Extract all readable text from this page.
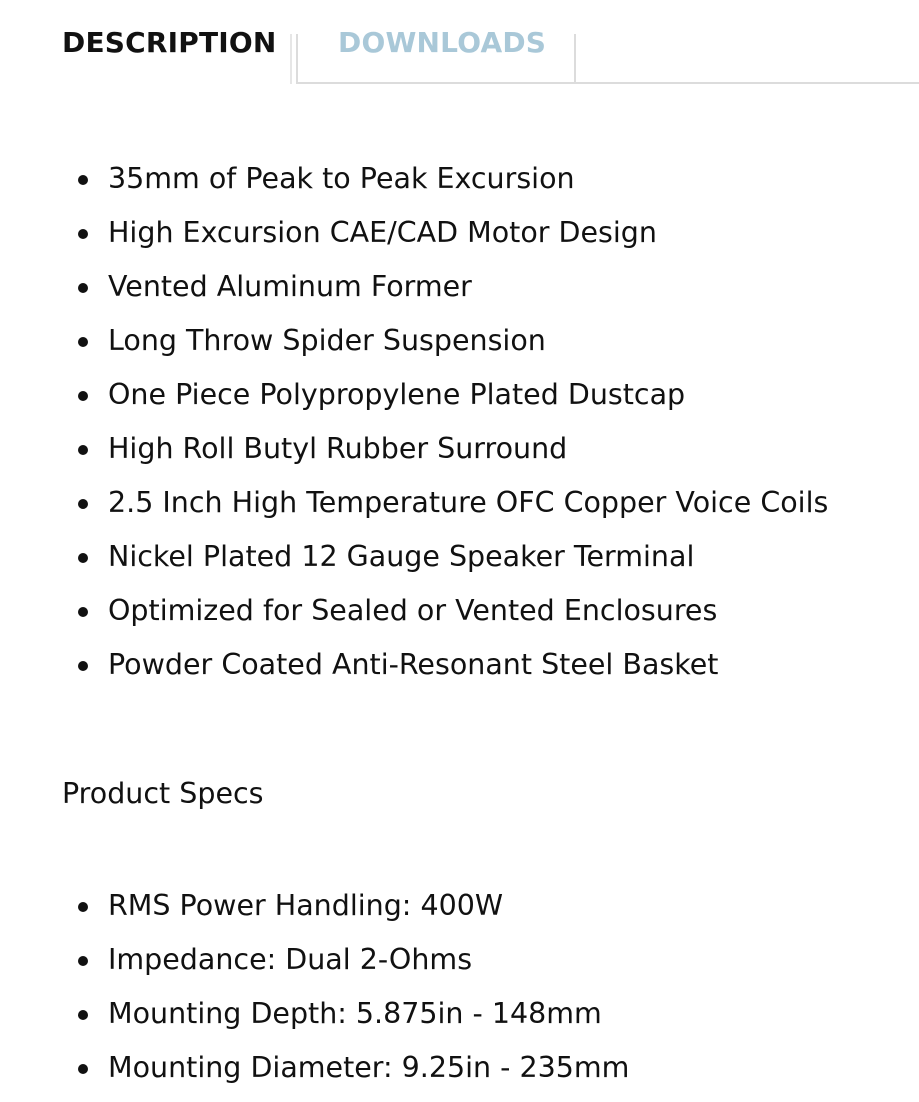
DESCRIPTION DOWNLOADS
35mm of Peak to Peak Excursion
High Excursion CAE/CAD Motor Design
Vented Aluminum Former
Long Throw Spider Suspension
One Piece Polypropylene Plated Dustcap
High Roll Butyl Rubber Surround
2.5 Inch High Temperature OFC Copper Voice Coils
Nickel Plated 12 Gauge Speaker Terminal
Optimized for Sealed or Vented Enclosures
Powder Coated Anti-Resonant Steel Basket
Product Specs
RMS Power Handling: 400W
Impedance: Dual 2-Ohms
Mounting Depth: 5.875in - 148mm
Mounting Diameter: 9.25in - 235mm
